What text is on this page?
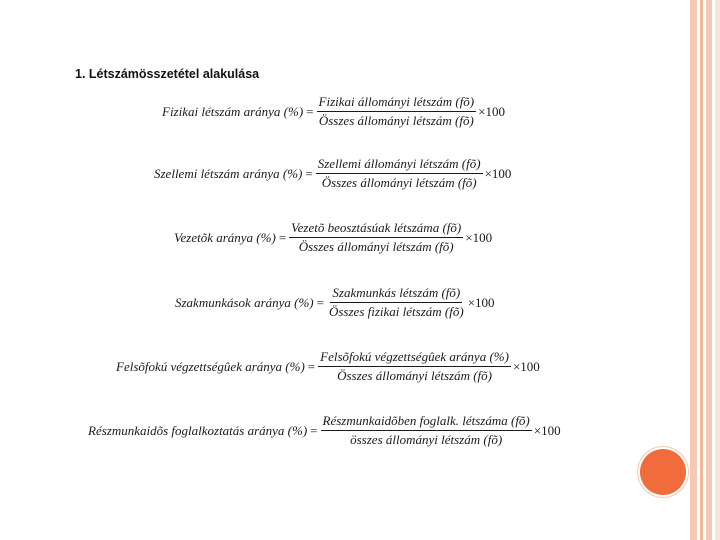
1. Létszámösszetétel alakulása
Fizikai létszám aránya (%) = $\frac{\text{Fizikai állományi létszám (fõ)}}{\text{Összes állományi létszám (fõ)}} \times 100$
Szellemi létszám aránya (%) = $\frac{\text{Szellemi állományi létszám (fõ)}}{\text{Összes állományi létszám (fõ)}} \times 100$
Vezetõk aránya (%) = $\frac{\text{Vezetõ beosztásúak létszáma (fõ)}}{\text{Összes állományi létszám (fõ)}} \times 100$
Szakmunkások aránya (%) = $\frac{\text{Szakmunkás létszám (fõ)}}{\text{Összes fizikai létszám (fõ)}} \times 100$
Felsõfokú végzettségûek aránya (%) = $\frac{\text{Felsõfokú végzettségûek aránya (\%)}}{\text{Összes állományi létszám (fõ)}} \times 100$
Részmunkaidõs foglalkoztatás aránya (%) = $\frac{\text{Részmunkaidõben foglalk. létszáma (fõ)}}{\text{összes állományi létszám (fõ)}} \times 100$
